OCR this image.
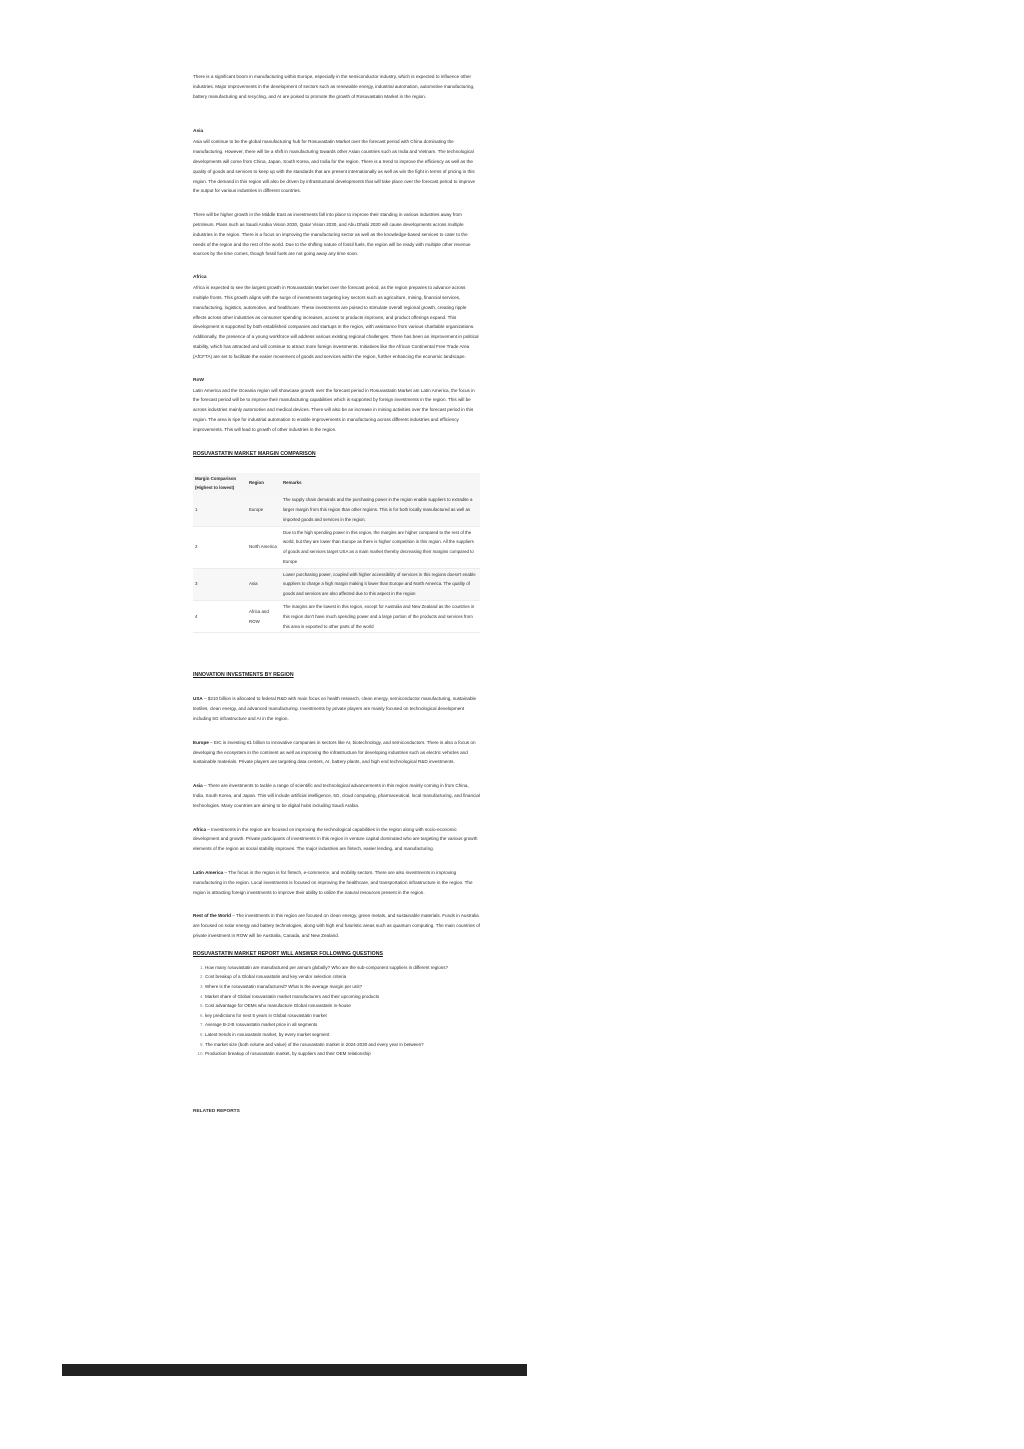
There is a significant boom in manufacturing within Europe, especially in the semiconductor industry, which is expected to influence other industries. Major improvements in the development of sectors such as renewable energy, industrial automation, automotive manufacturing, battery manufacturing and recycling, and AI are poised to promote the growth of Rosuvastatin Market in the region.

Asia

Asia will continue to be the global manufacturing hub for Rosuvastatin Market over the forecast period with China dominating the manufacturing. However, there will be a shift in manufacturing towards other Asian countries such as India and Vietnam. The technological developments will come from China, Japan, South Korea, and India for the region. There is a trend to improve the efficiency as well as the quality of goods and services to keep up with the standards that are present internationally as well as win the fight in terms of pricing in this region. The demand in this region will also be driven by infrastructural developments that will take place over the forecast period to improve the output for various industries in different countries.

There will be higher growth in the Middle East as investments fall into place to improve their standing in various industries away from petroleum. Plans such as Saudi Arabia Vision 2030, Qatar Vision 2030, and Abu Dhabi 2030 will cause developments across multiple industries in the region. There is a focus on improving the manufacturing sector as well as the knowledge-based services to cater to the needs of the region and the rest of the world. Due to the shifting nature of fossil fuels, the region will be ready with multiple other revenue sources by the time comes, though fossil fuels are not going away any time soon.

Africa

Africa is expected to see the largest growth in Rosuvastatin Market over the forecast period, as the region prepares to advance across multiple fronts. This growth aligns with the surge of investments targeting key sectors such as agriculture, mining, financial services, manufacturing, logistics, automotive, and healthcare. These investments are poised to stimulate overall regional growth, creating ripple effects across other industries as consumer spending increases, access to products improves, and product offerings expand. This development is supported by both established companies and startups in the region, with assistance from various charitable organizations. Additionally, the presence of a young workforce will address various existing regional challenges. There has been an improvement in political stability, which has attracted and will continue to attract more foreign investments. Initiatives like the African Continental Free Trade Area (AfCFTA) are set to facilitate the easier movement of goods and services within the region, further enhancing the economic landscape.

RoW

Latin America and the Oceania region will showcase growth over the forecast period in Rosuvastatin Market aIn Latin America, the focus in the forecast period will be to improve their manufacturing capabilities which is supported by foreign investments in the region. This will be across industries mainly automotive and medical devices. There will also be an increase in mining activities over the forecast period in this region. The area is ripe for industrial automation to enable improvements in manufacturing across different industries and efficiency improvements. This will lead to growth of other industries in the region.

ROSUVASTATIN MARKET MARGIN COMPARISON

Margin Comparison (Highest to lowest)	Region	Remarks
1	Europe	The supply chain demands and the purchasing power in the region enable suppliers to extradite a larger margin from this region than other regions. This is for both locally manufactured as well as imported goods and services in the region.
2	North America	Due to the high spending power in this region, the margins are higher compared to the rest of the world, but they are lower than Europe as there is higher competition in this region. All the suppliers of goods and services target USA as a main market thereby decreasing their margins compared to Europe
3	Asia	Lower purchasing power, coupled with higher accessibility of services in this regions doesn't enable suppliers to charge a high margin making it lower than Europe and North America. The quality of goods and services are also affected due to this aspect in the region
4	Africa and ROW	The margins are the lowest in this region, except for Australia and New Zealand as the countries in this region don't have much spending power and a large portion of the products and services from this area is exported to other parts of the world

INNOVATION INVESTMENTS BY REGION

USA – $210 billion is allocated to federal R&D with main focus on health research, clean energy, semiconductor manufacturing, sustainable textiles, clean energy, and advanced manufacturing. Investments by private players are mainly focused on technological development including 5G infrastructure and AI in the region.

Europe – EIC is investing €1 billion to innovative companies in sectors like AI, biotechnology, and semiconductors. There is also a focus on developing the ecosystem in the continent as well as improving the infrastructure for developing industries such as electric vehicles and sustainable materials. Private players are targeting data centers, AI, battery plants, and high end technological R&D investments.

Asia – There are investments to tackle a range of scientific and technological advancements in this region mainly coming in from China, India, South Korea, and Japan. This will include artificial intelligence, 5G, cloud computing, pharmaceutical, local manufacturing, and financial technologies. Many countries are aiming to be digital hubs including Saudi Arabia.

Africa – Investments in the region are focused on improving the technological capabilities in the region along with socio-economic development and growth. Private participants of investments in this region in venture capital dominated who are targeting the various growth elements of the region as social stability improves. The major industries are fintech, easier lending, and manufacturing.

Latin America – The focus in the region is for fintech, e-commerce, and mobility sectors. There are also investments in improving manufacturing in the region. Local investments is focused on improving the healthcare, and transportation infrastructure in the region. The region is attracting foreign investments to improve their ability to utilize the natural resources present in the region.

Rest of the World – The investments in this region are focused on clean energy, green metals, and sustainable materials. Funds in Australia are focused on solar energy and battery technologies, along with high end futuristic areas such as quantum computing. The main countries of private investment in ROW will be Australia, Canada, and New Zealand.

ROSUVASTATIN MARKET REPORT WILL ANSWER FOLLOWING QUESTIONS

1. How many rosuvastatin are manufactured per annum globally? Who are the sub-component suppliers in different regions?
2. Cost breakup of a Global rosuvastatin and key vendor selection criteria
3. Where is the rosuvastatin manufactured? What is the average margin per unit?
4. Market share of Global rosuvastatin market manufacturers and their upcoming products
5. Cost advantage for OEMs who manufacture Global rosuvastatin in-house
6. key predictions for next 5 years in Global rosuvastatin market
7. Average B-2-B rosuvastatin market price in all segments
8. Latest trends in rosuvastatin market, by every market segment
9. The market size (both volume and value) of the rosuvastatin market in 2024-2030 and every year in between?
10. Production breakup of rosuvastatin market, by suppliers and their OEM relationship

RELATED REPORTS
